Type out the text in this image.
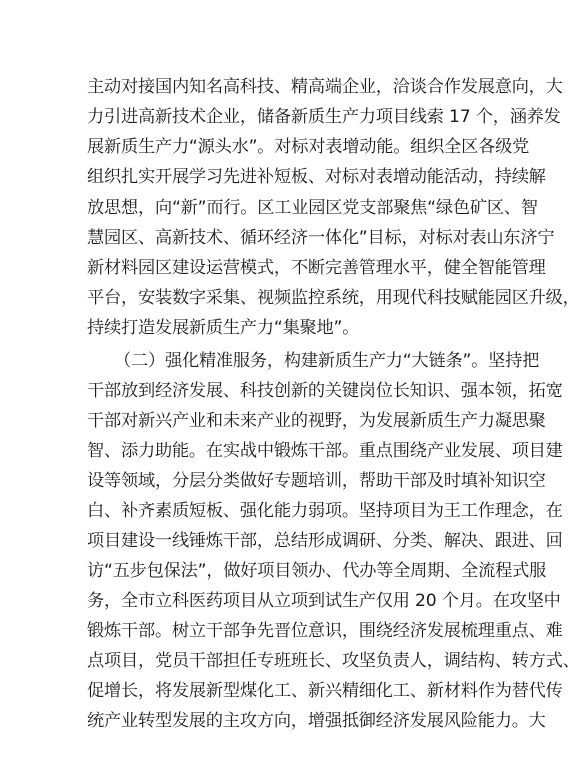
主动对接国内知名高科技、精高端企业，洽谈合作发展意向，大
力引进高新技术企业，储备新质生产力项目线索 17 个，涵养发
展新质生产力“源头水”。对标对表增动能。组织全区各级党
组织扎实开展学习先进补短板、对标对表增动能活动，持续解
放思想，向“新”而行。区工业园区党支部聚焦“绿色矿区、智
慧园区、高新技术、循环经济一体化”目标，对标对表山东济宁
新材料园区建设运营模式，不断完善管理水平，健全智能管理
平台，安装数字采集、视频监控系统，用现代科技赋能园区升级，
持续打造发展新质生产力“集聚地”。
（二）强化精准服务，构建新质生产力“大链条”。坚持把
干部放到经济发展、科技创新的关键岗位长知识、强本领，拓宽
干部对新兴产业和未来产业的视野，为发展新质生产力凝思聚
智、添力助能。在实战中锻炼干部。重点围绕产业发展、项目建
设等领域，分层分类做好专题培训，帮助干部及时填补知识空
白、补齐素质短板、强化能力弱项。坚持项目为王工作理念，在
项目建设一线锤炼干部，总结形成调研、分类、解决、跟进、回
访“五步包保法”，做好项目领办、代办等全周期、全流程式服
务，全市立科医药项目从立项到试生产仅用 20 个月。在攻坚中
锻炼干部。树立干部争先晋位意识，围绕经济发展梳理重点、难
点项目，党员干部担任专班班长、攻坚负责人，调结构、转方式、
促增长，将发展新型煤化工、新兴精细化工、新材料作为替代传
统产业转型发展的主攻方向，增强抵御经济发展风险能力。大
